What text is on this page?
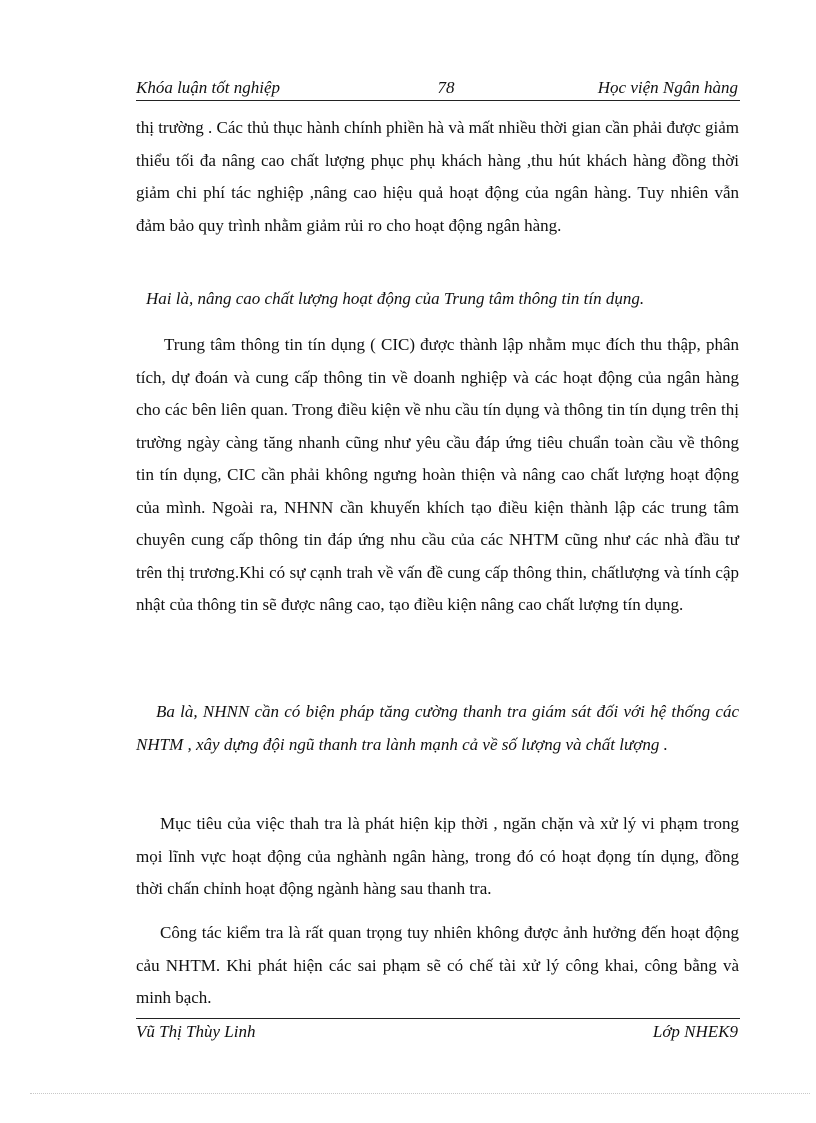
Khóa luận tốt nghiệp	78	Học viện Ngân hàng

thị trường . Các thủ thục hành chính phiền hà và mất nhiều thời gian cần phải được giảm thiểu tối đa nâng cao chất lượng phục phụ khách hàng ,thu hút khách hàng đồng thời giảm chi phí tác nghiệp ,nâng cao hiệu quả hoạt động của ngân hàng. Tuy nhiên vẫn đảm bảo quy trình nhằm giảm rủi ro cho hoạt động ngân hàng.

Hai là, nâng cao chất lượng hoạt động của Trung tâm thông tin tín dụng.

Trung tâm thông tin tín dụng ( CIC) được thành lập nhằm mục đích thu thập, phân tích, dự đoán và cung cấp thông tin về doanh nghiệp và các hoạt động của ngân hàng cho các bên liên quan. Trong điều kiện về nhu cầu tín dụng và thông tin tín dụng trên thị trường ngày càng tăng nhanh cũng như yêu cầu đáp ứng tiêu chuẩn toàn cầu về thông tin tín dụng, CIC cần phải không ngưng hoàn thiện và nâng cao chất lượng hoạt động của mình. Ngoài ra, NHNN cần khuyến khích tạo điều kiện thành lập các trung tâm chuyên cung cấp thông tin đáp ứng nhu cầu của các NHTM cũng như các nhà đầu tư trên thị trương.Khi có sự cạnh trah về vấn đề cung cấp thông thin, chấtlượng và tính cập nhật của thông tin sẽ được nâng cao, tạo điều kiện nâng cao chất lượng tín dụng.

Ba là, NHNN cần có biện pháp tăng cường thanh tra giám sát đối với hệ thống các NHTM , xây dựng đội ngũ thanh tra lành mạnh cả về số lượng và chất lượng .

Mục tiêu của việc thah tra là phát hiện kịp thời , ngăn chặn và xử lý vi phạm trong mọi lĩnh vực hoạt động của nghành ngân hàng, trong đó có hoạt đọng tín dụng, đồng thời chấn chỉnh hoạt động ngành hàng sau thanh tra.

Công tác kiểm tra là rất quan trọng tuy nhiên không được ảnh hưởng đến hoạt động cảu NHTM. Khi phát hiện các sai phạm sẽ có chế tài xử lý công khai, công bằng và minh bạch.

Vũ Thị Thùy Linh	Lớp NHEK9
